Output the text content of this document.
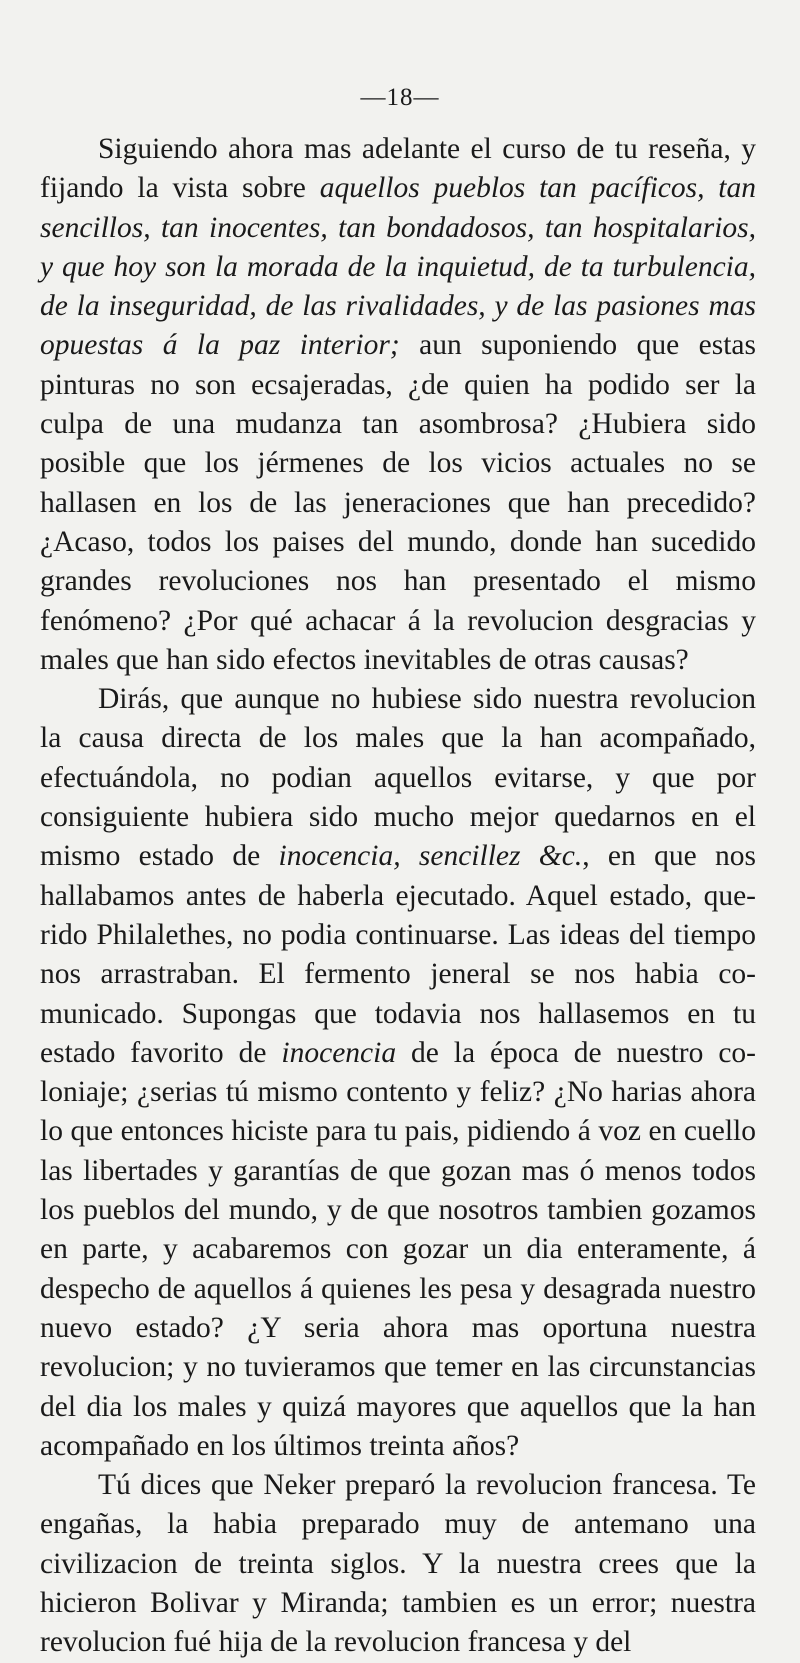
—18—

Siguiendo ahora mas adelante el curso de tu reseña, y fijando la vista sobre aquellos pueblos tan pacíficos, tan sencillos, tan inocentes, tan bondadosos, tan hospitalarios, y que hoy son la morada de la inquietud, de ta turbulencia, de la inseguridad, de las rivalidades, y de las pasiones mas opuestas á la paz interior; aun suponiendo que estas pinturas no son ecsajeradas, ¿de quien ha podido ser la culpa de una mudanza tan asombrosa? ¿Hubiera sido posible que los jérmenes de los vicios actuales no se hallasen en los de las jeneraciones que han precedido? ¿Acaso, todos los paises del mundo, donde han sucedido grandes revoluciones nos han presentado el mismo fenómeno? ¿Por qué achacar á la revolucion desgracias y males que han sido efectos inevitables de otras causas?

Dirás, que aunque no hubiese sido nuestra revolucion la causa directa de los males que la han acompañado, efectuándola, no podian aquellos evitarse, y que por consiguiente hubiera sido mucho mejor quedarnos en el mismo estado de inocencia, sencillez &c., en que nos hallabamos antes de haberla ejecutado. Aquel estado, querido Philalethes, no podia continuarse. Las ideas del tiempo nos arrastraban. El fermento jeneral se nos habia comunicado. Supongas que todavia nos hallasemos en tu estado favorito de inocencia de la época de nuestro coloniaje; ¿serias tú mismo contento y feliz? ¿No harias ahora lo que entonces hiciste para tu pais, pidiendo á voz en cuello las libertades y garantías de que gozan mas ó menos todos los pueblos del mundo, y de que nosotros tambien gozamos en parte, y acabaremos con gozar un dia enteramente, á despecho de aquellos á quienes les pesa y desagrada nuestro nuevo estado? ¿Y seria ahora mas oportuna nuestra revolucion; y no tuvieramos que temer en las circunstancias del dia los males y quizá mayores que aquellos que la han acompañado en los últimos treinta años?

Tú dices que Neker preparó la revolucion francesa. Te engañas, la habia preparado muy de antemano una civilizacion de treinta siglos. Y la nuestra crees que la hicieron Bolivar y Miranda; tambien es un error; nuestra revolucion fué hija de la revolucion francesa y del
